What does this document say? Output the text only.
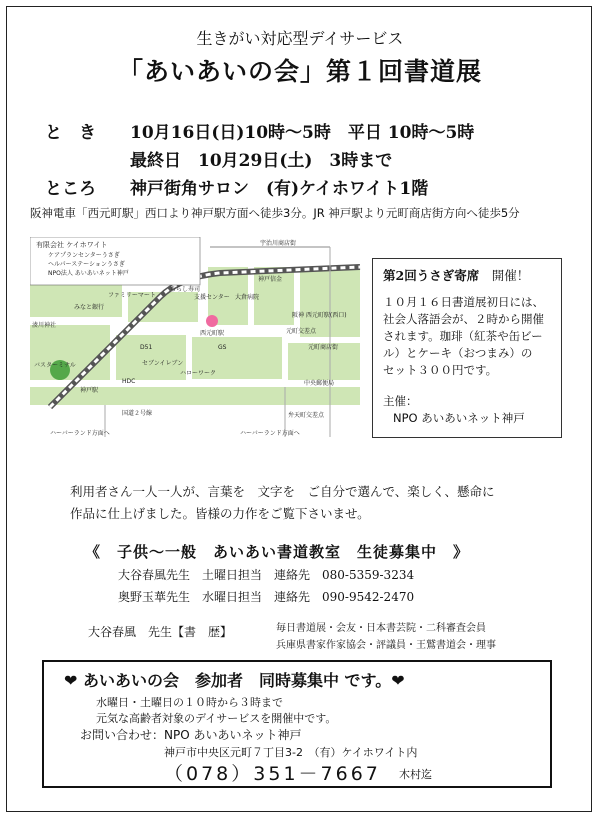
生きがい対応型デイサービス
「あいあいの会」第１回書道展
と　き 10月16日(日)10時～5時　平日 10時～5時
最終日　10月29日(土)　3時まで
ところ 神戸街角サロン　(有)ケイホワイト1階
阪神電車「西元町駅」西口より神戸駅方面へ徒歩3分。JR 神戸駅より元町商店街方向へ徒歩5分
有限会社 ケイホワイト
ケアプランセンターうさぎ
ヘルパーステーションうさぎ
NPO法人 あいあいネット神戸
宇治川商店街
湊川神社
みなと銀行
ファミリーマート
ちらし寿司
支援センター
西元町駅
大倉病院
神戸信金
阪神 西元町駅(西口)
神戸駅
元町商店街
GS
D51
元町交差点
セブンイレブン
ハローワーク
中央郵便局
HDC
バスターミナル
国道２号線	弁天町交差点
ハーバーランド方面へ	ハーバーランド方面へ
第2回うさぎ寄席　開催！
１０月１６日書道展初日には、
社会人落語会が、２時から開催
されます。珈琲（紅茶や缶ビー
ル）とケーキ（おつまみ）の
セット３００円です。
主催：
NPO あいあいネット神戸
利用者さん一人一人が、言葉を　文字を　ご自分で選んで、楽しく、懸命に
作品に仕上げました。皆様の力作をご覧下さいませ。
《　子供～一般　あいあい書道教室　生徒募集中　》
大谷春風先生　土曜日担当　連絡先　080-5359-3234
奥野玉華先生　水曜日担当　連絡先　090-9542-2470
大谷春風　先生【書　歴】	毎日書道展・会友・日本書芸院・二科審査会員
兵庫県書家作家協会・評議員・王鷲書道会・理事
❤ あいあいの会　参加者　同時募集中 です。❤
水曜日・土曜日の１０時から３時まで
元気な高齢者対象のデイサービスを開催中です。
お問い合わせ：NPO あいあいネット神戸
神戸市中央区元町７丁目3-2　（有）ケイホワイト内
（078）351－7667 木村迄
